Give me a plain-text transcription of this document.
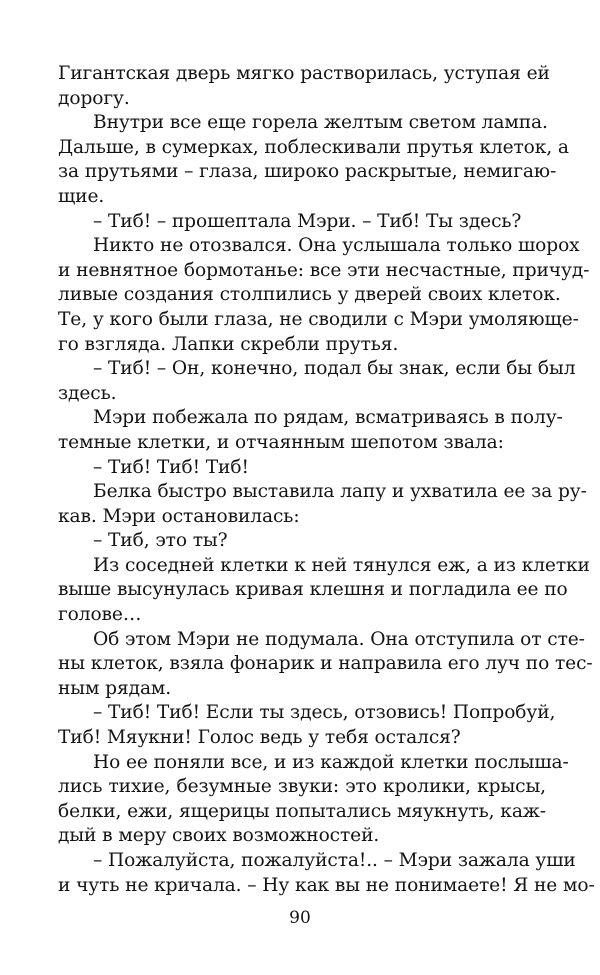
Гигантская дверь мягко растворилась, уступая ей
дорогу.
Внутри все еще горела желтым светом лампа.
Дальше, в сумерках, поблескивали прутья клеток, а
за прутьями – глаза, широко раскрытые, немигаю-
щие.
– Тиб! – прошептала Мэри. – Тиб! Ты здесь?
Никто не отозвался. Она услышала только шорох
и невнятное бормотанье: все эти несчастные, причуд-
ливые создания столпились у дверей своих клеток.
Те, у кого были глаза, не сводили с Мэри умоляюще-
го взгляда. Лапки скребли прутья.
– Тиб! – Он, конечно, подал бы знак, если бы был
здесь.
Мэри побежала по рядам, всматриваясь в полу-
темные клетки, и отчаянным шепотом звала:
– Тиб! Тиб! Тиб!
Белка быстро выставила лапу и ухватила ее за ру-
кав. Мэри остановилась:
– Тиб, это ты?
Из соседней клетки к ней тянулся еж, а из клетки
выше высунулась кривая клешня и погладила ее по
голове…
Об этом Мэри не подумала. Она отступила от сте-
ны клеток, взяла фонарик и направила его луч по тес-
ным рядам.
– Тиб! Тиб! Если ты здесь, отзовись! Попробуй,
Тиб! Мяукни! Голос ведь у тебя остался?
Но ее поняли все, и из каждой клетки послыша-
лись тихие, безумные звуки: это кролики, крысы,
белки, ежи, ящерицы попытались мяукнуть, каж-
дый в меру своих возможностей.
– Пожалуйста, пожалуйста!.. – Мэри зажала уши
и чуть не кричала. – Ну как вы не понимаете! Я не мо-
90
